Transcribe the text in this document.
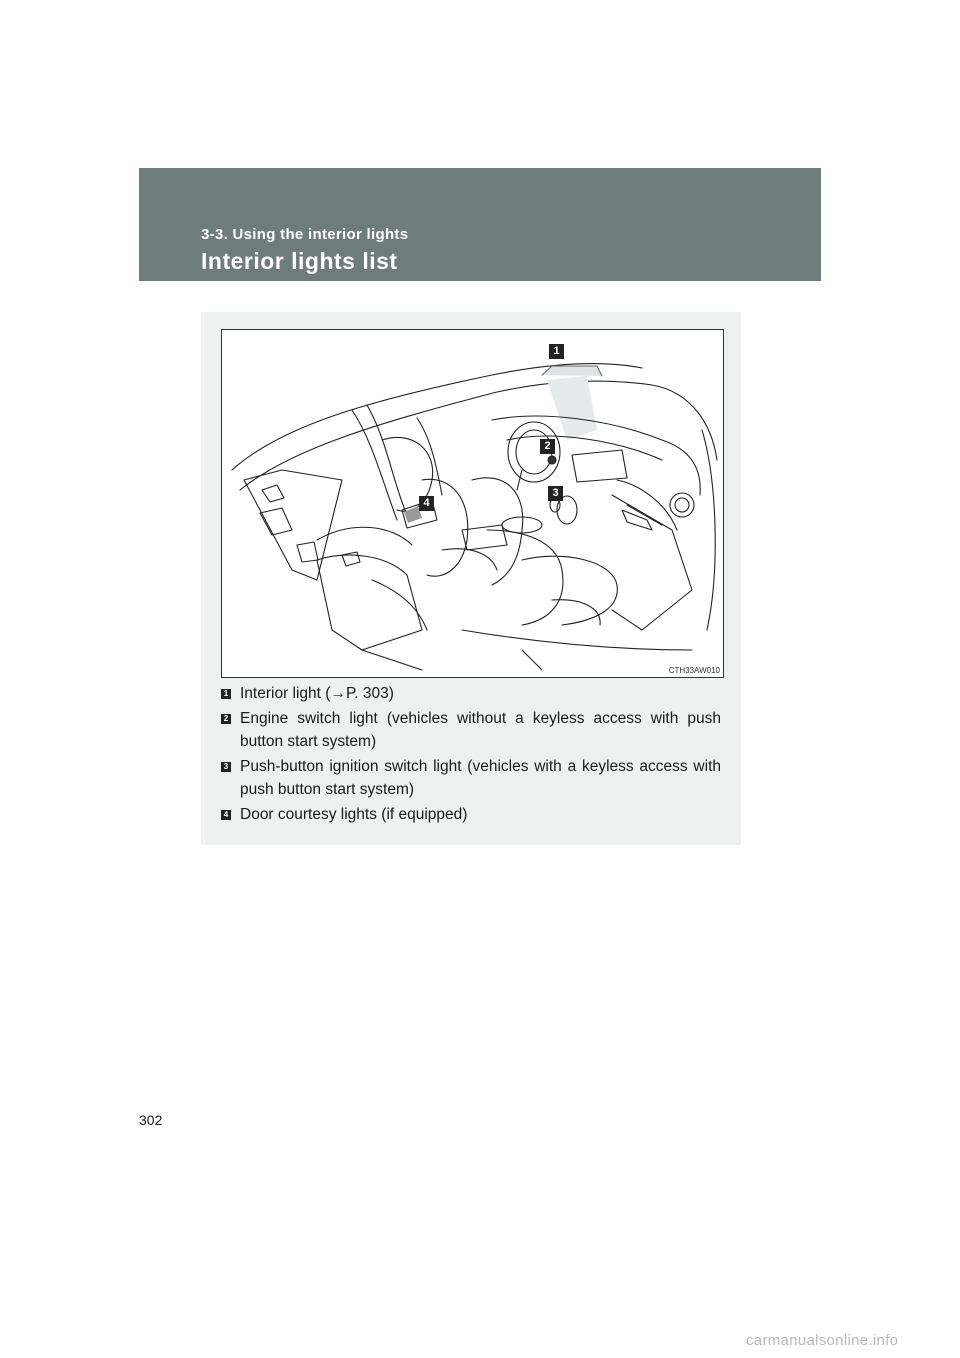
3-3. Using the interior lights
Interior lights list
1
2
3
4
CTH33AW010
1 Interior light (→P. 303)
2 Engine switch light (vehicles without a keyless access with push button start system)
3 Push-button ignition switch light (vehicles with a keyless access with push button start system)
4 Door courtesy lights (if equipped)
302
carmanualsonline.info
